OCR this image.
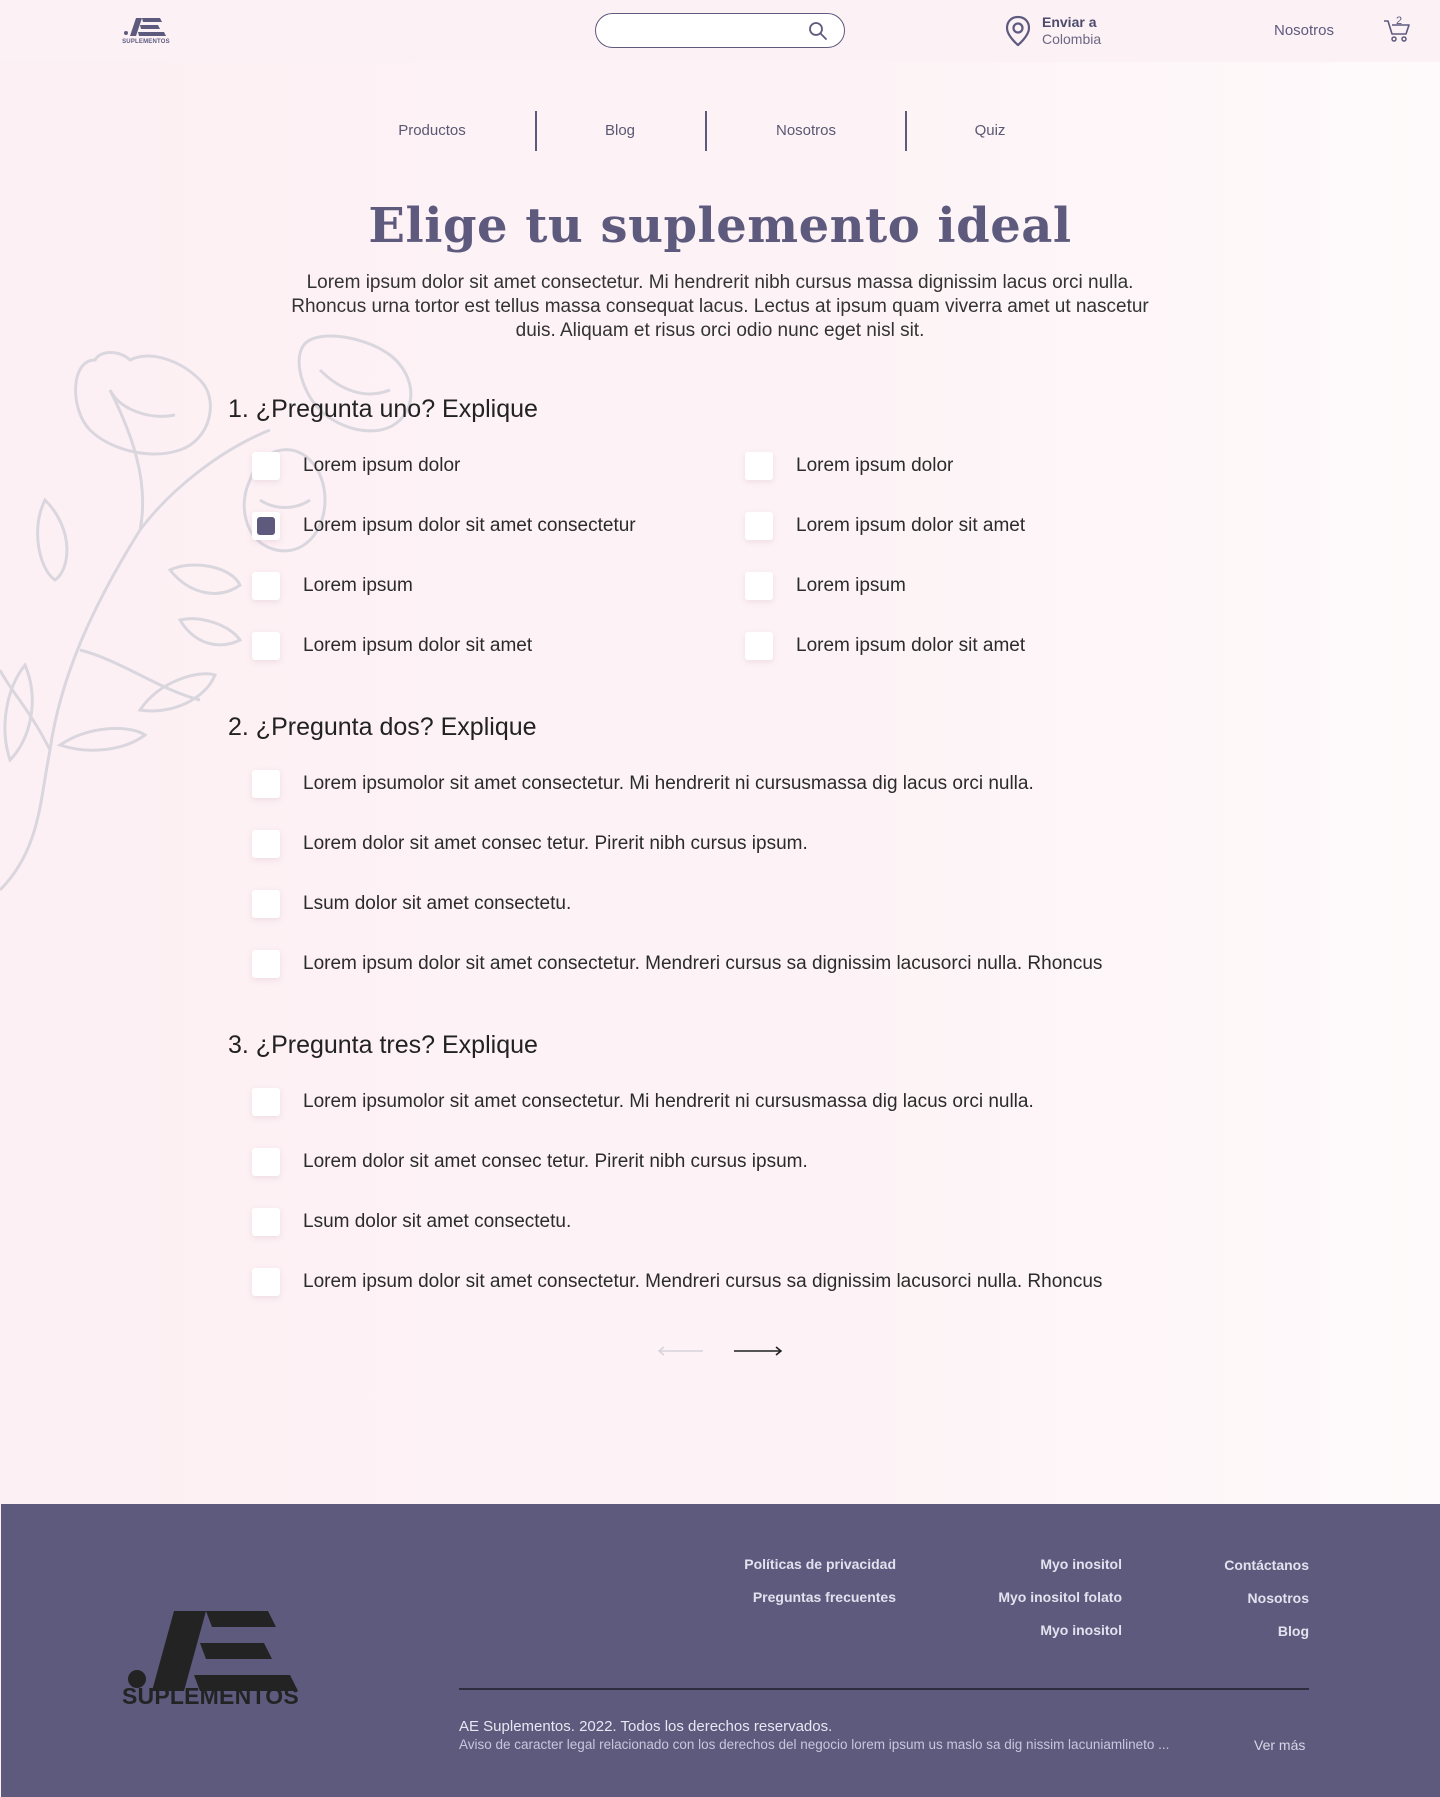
SUPLEMENTOS
Enviar a
Colombia	Nosotros
2
Productos	Blog	Nosotros	Quiz
Elige tu suplemento ideal

Lorem ipsum dolor sit amet consectetur. Mi hendrerit nibh cursus massa dignissim lacus orci nulla. Rhoncus urna tortor est tellus massa consequat lacus. Lectus at ipsum quam viverra amet ut nascetur duis. Aliquam et risus orci odio nunc eget nisl sit.

1. ¿Pregunta uno? Explique
Lorem ipsum dolor	Lorem ipsum dolor
Lorem ipsum dolor sit amet consectetur	Lorem ipsum dolor sit amet
Lorem ipsum	Lorem ipsum
Lorem ipsum dolor sit amet	Lorem ipsum dolor sit amet
2. ¿Pregunta dos? Explique
Lorem ipsumolor sit amet consectetur. Mi hendrerit ni cursusmassa dig lacus orci nulla.
Lorem dolor sit amet consec tetur. Pirerit nibh cursus ipsum.
Lsum dolor sit amet consectetu.
Lorem ipsum dolor sit amet consectetur. Mendreri cursus sa dignissim lacusorci nulla. Rhoncus
3. ¿Pregunta tres? Explique
Lorem ipsumolor sit amet consectetur. Mi hendrerit ni cursusmassa dig lacus orci nulla.
Lorem dolor sit amet consec tetur. Pirerit nibh cursus ipsum.
Lsum dolor sit amet consectetu.
Lorem ipsum dolor sit amet consectetur. Mendreri cursus sa dignissim lacusorci nulla. Rhoncus
SUPLEMENTOS
Políticas de privacidad
Preguntas frecuentes
Myo inositol
Myo inositol folato
Myo inositol
Contáctanos
Nosotros
Blog
AE Suplementos. 2022. Todos los derechos reservados.
Aviso de caracter legal relacionado con los derechos del negocio lorem ipsum us maslo sa dig nissim lacuniamlineto ...	Ver más
